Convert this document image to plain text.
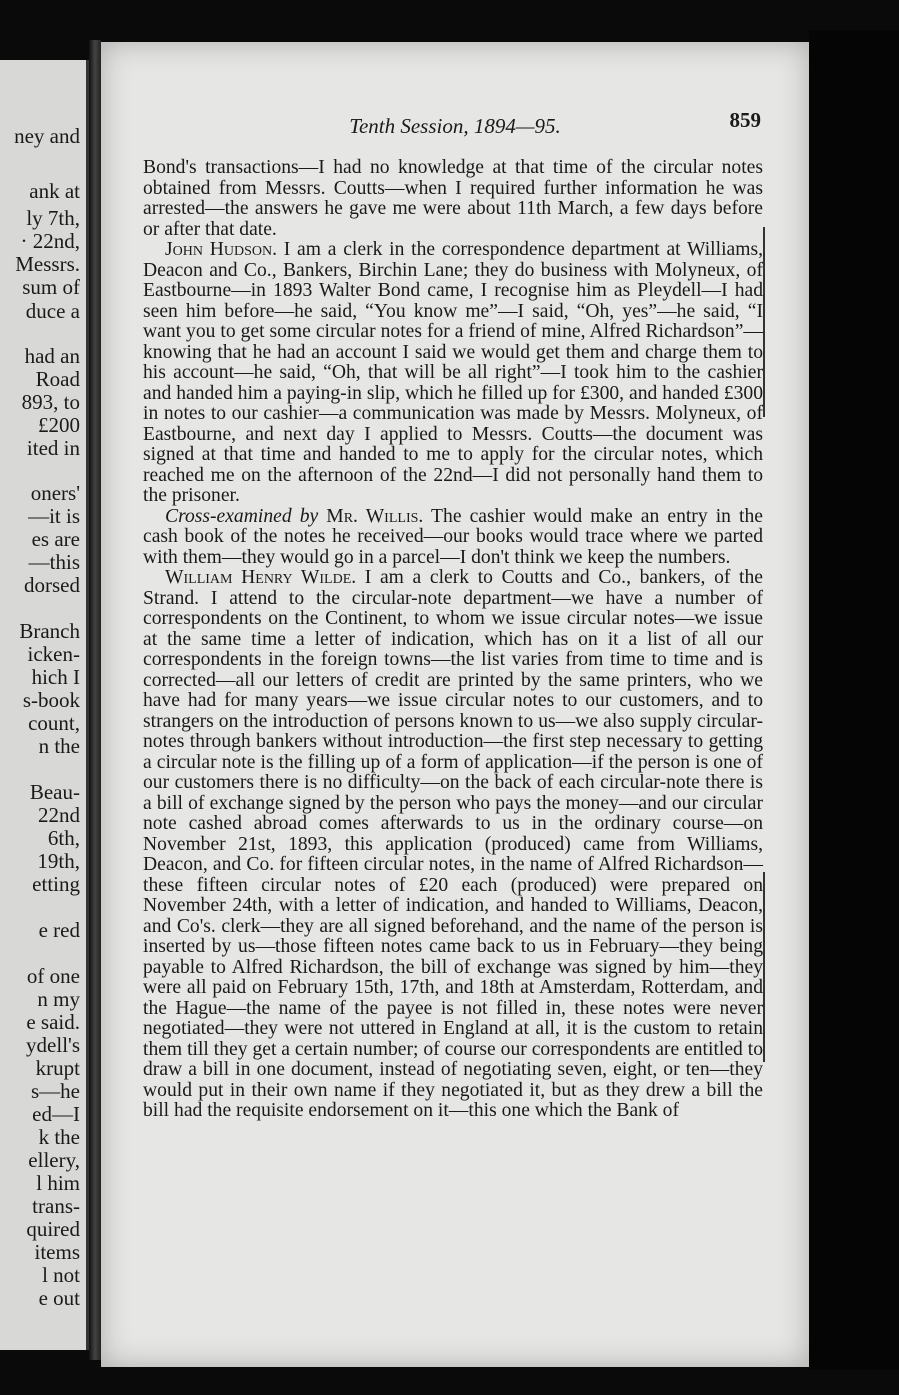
ney and
ank at
ly 7th,
· 22nd,
Messrs.
sum of
duce a
had an
Road
893, to
£200
ited in
oners'
—it is
es are
—this
dorsed
Branch
icken-
hich I
s-book
count,
n the
Beau-
22nd
6th,
19th,
etting
e red
of one
n my
e said.
ydell's
krupt
s—he
ed—I
k the
ellery,
l him
trans-
quired
items
l not
e out
Tenth Session, 1894—95.	859

Bond's transactions—I had no knowledge at that time of the circular notes obtained from Messrs. Coutts—when I required further information he was arrested—the answers he gave me were about 11th March, a few days before or after that date.

John Hudson. I am a clerk in the correspondence department at Williams, Deacon and Co., Bankers, Birchin Lane; they do business with Molyneux, of Eastbourne—in 1893 Walter Bond came, I recognise him as Pleydell—I had seen him before—he said, “You know me”—I said, “Oh, yes”—he said, “I want you to get some circular notes for a friend of mine, Alfred Richardson”—knowing that he had an account I said we would get them and charge them to his account—he said, “Oh, that will be all right”—I took him to the cashier and handed him a paying-in slip, which he filled up for £300, and handed £300 in notes to our cashier—a communication was made by Messrs. Molyneux, of Eastbourne, and next day I applied to Messrs. Coutts—the document was signed at that time and handed to me to apply for the circular notes, which reached me on the afternoon of the 22nd—I did not personally hand them to the prisoner.

Cross-examined by Mr. Willis. The cashier would make an entry in the cash book of the notes he received—our books would trace where we parted with them—they would go in a parcel—I don't think we keep the numbers.

William Henry Wilde. I am a clerk to Coutts and Co., bankers, of the Strand. I attend to the circular-note department—we have a number of correspondents on the Continent, to whom we issue circular notes—we issue at the same time a letter of indication, which has on it a list of all our correspondents in the foreign towns—the list varies from time to time and is corrected—all our letters of credit are printed by the same printers, who we have had for many years—we issue circular notes to our customers, and to strangers on the introduction of persons known to us—we also supply circular-notes through bankers without introduction—the first step necessary to getting a circular note is the filling up of a form of application—if the person is one of our customers there is no difficulty—on the back of each circular-note there is a bill of exchange signed by the person who pays the money—and our circular note cashed abroad comes afterwards to us in the ordinary course—on November 21st, 1893, this application (produced) came from Williams, Deacon, and Co. for fifteen circular notes, in the name of Alfred Richardson—these fifteen circular notes of £20 each (produced) were prepared on November 24th, with a letter of indication, and handed to Williams, Deacon, and Co's. clerk—they are all signed beforehand, and the name of the person is inserted by us—those fifteen notes came back to us in February—they being payable to Alfred Richardson, the bill of exchange was signed by him—they were all paid on February 15th, 17th, and 18th at Amsterdam, Rotterdam, and the Hague—the name of the payee is not filled in, these notes were never negotiated—they were not uttered in England at all, it is the custom to retain them till they get a certain number; of course our correspondents are entitled to draw a bill in one document, instead of negotiating seven, eight, or ten—they would put in their own name if they negotiated it, but as they drew a bill the bill had the requisite endorsement on it—this one which the Bank of
